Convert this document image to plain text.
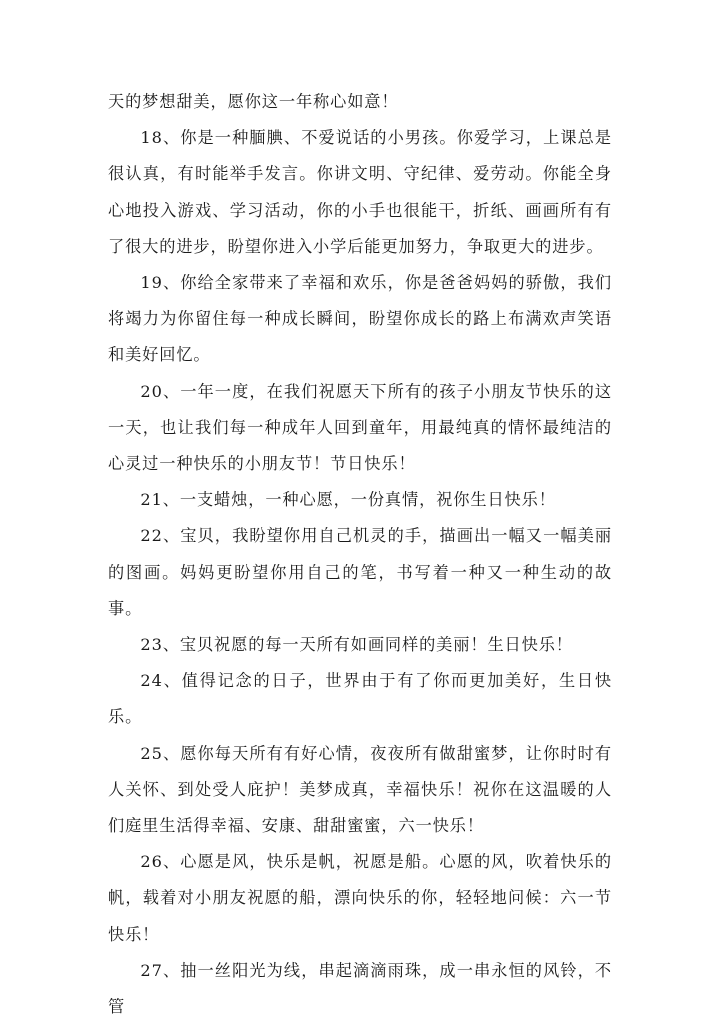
天的梦想甜美，愿你这一年称心如意！

18、你是一种腼腆、不爱说话的小男孩。你爱学习，上课总是很认真，有时能举手发言。你讲文明、守纪律、爱劳动。你能全身心地投入游戏、学习活动，你的小手也很能干，折纸、画画所有有了很大的进步，盼望你进入小学后能更加努力，争取更大的进步。

19、你给全家带来了幸福和欢乐，你是爸爸妈妈的骄傲，我们将竭力为你留住每一种成长瞬间，盼望你成长的路上布满欢声笑语和美好回忆。

20、一年一度，在我们祝愿天下所有的孩子小朋友节快乐的这一天，也让我们每一种成年人回到童年，用最纯真的情怀最纯洁的心灵过一种快乐的小朋友节！节日快乐！

21、一支蜡烛，一种心愿，一份真情，祝你生日快乐！

22、宝贝，我盼望你用自己机灵的手，描画出一幅又一幅美丽的图画。妈妈更盼望你用自己的笔，书写着一种又一种生动的故事。

23、宝贝祝愿的每一天所有如画同样的美丽！生日快乐！

24、值得记念的日子，世界由于有了你而更加美好，生日快乐。

25、愿你每天所有有好心情，夜夜所有做甜蜜梦，让你时时有人关怀、到处受人庇护！美梦成真，幸福快乐！祝你在这温暖的人们庭里生活得幸福、安康、甜甜蜜蜜，六一快乐！

26、心愿是风，快乐是帆，祝愿是船。心愿的风，吹着快乐的帆，载着对小朋友祝愿的船，漂向快乐的你，轻轻地问候：六一节快乐！

27、抽一丝阳光为线，串起滴滴雨珠，成一串永恒的风铃，不管
